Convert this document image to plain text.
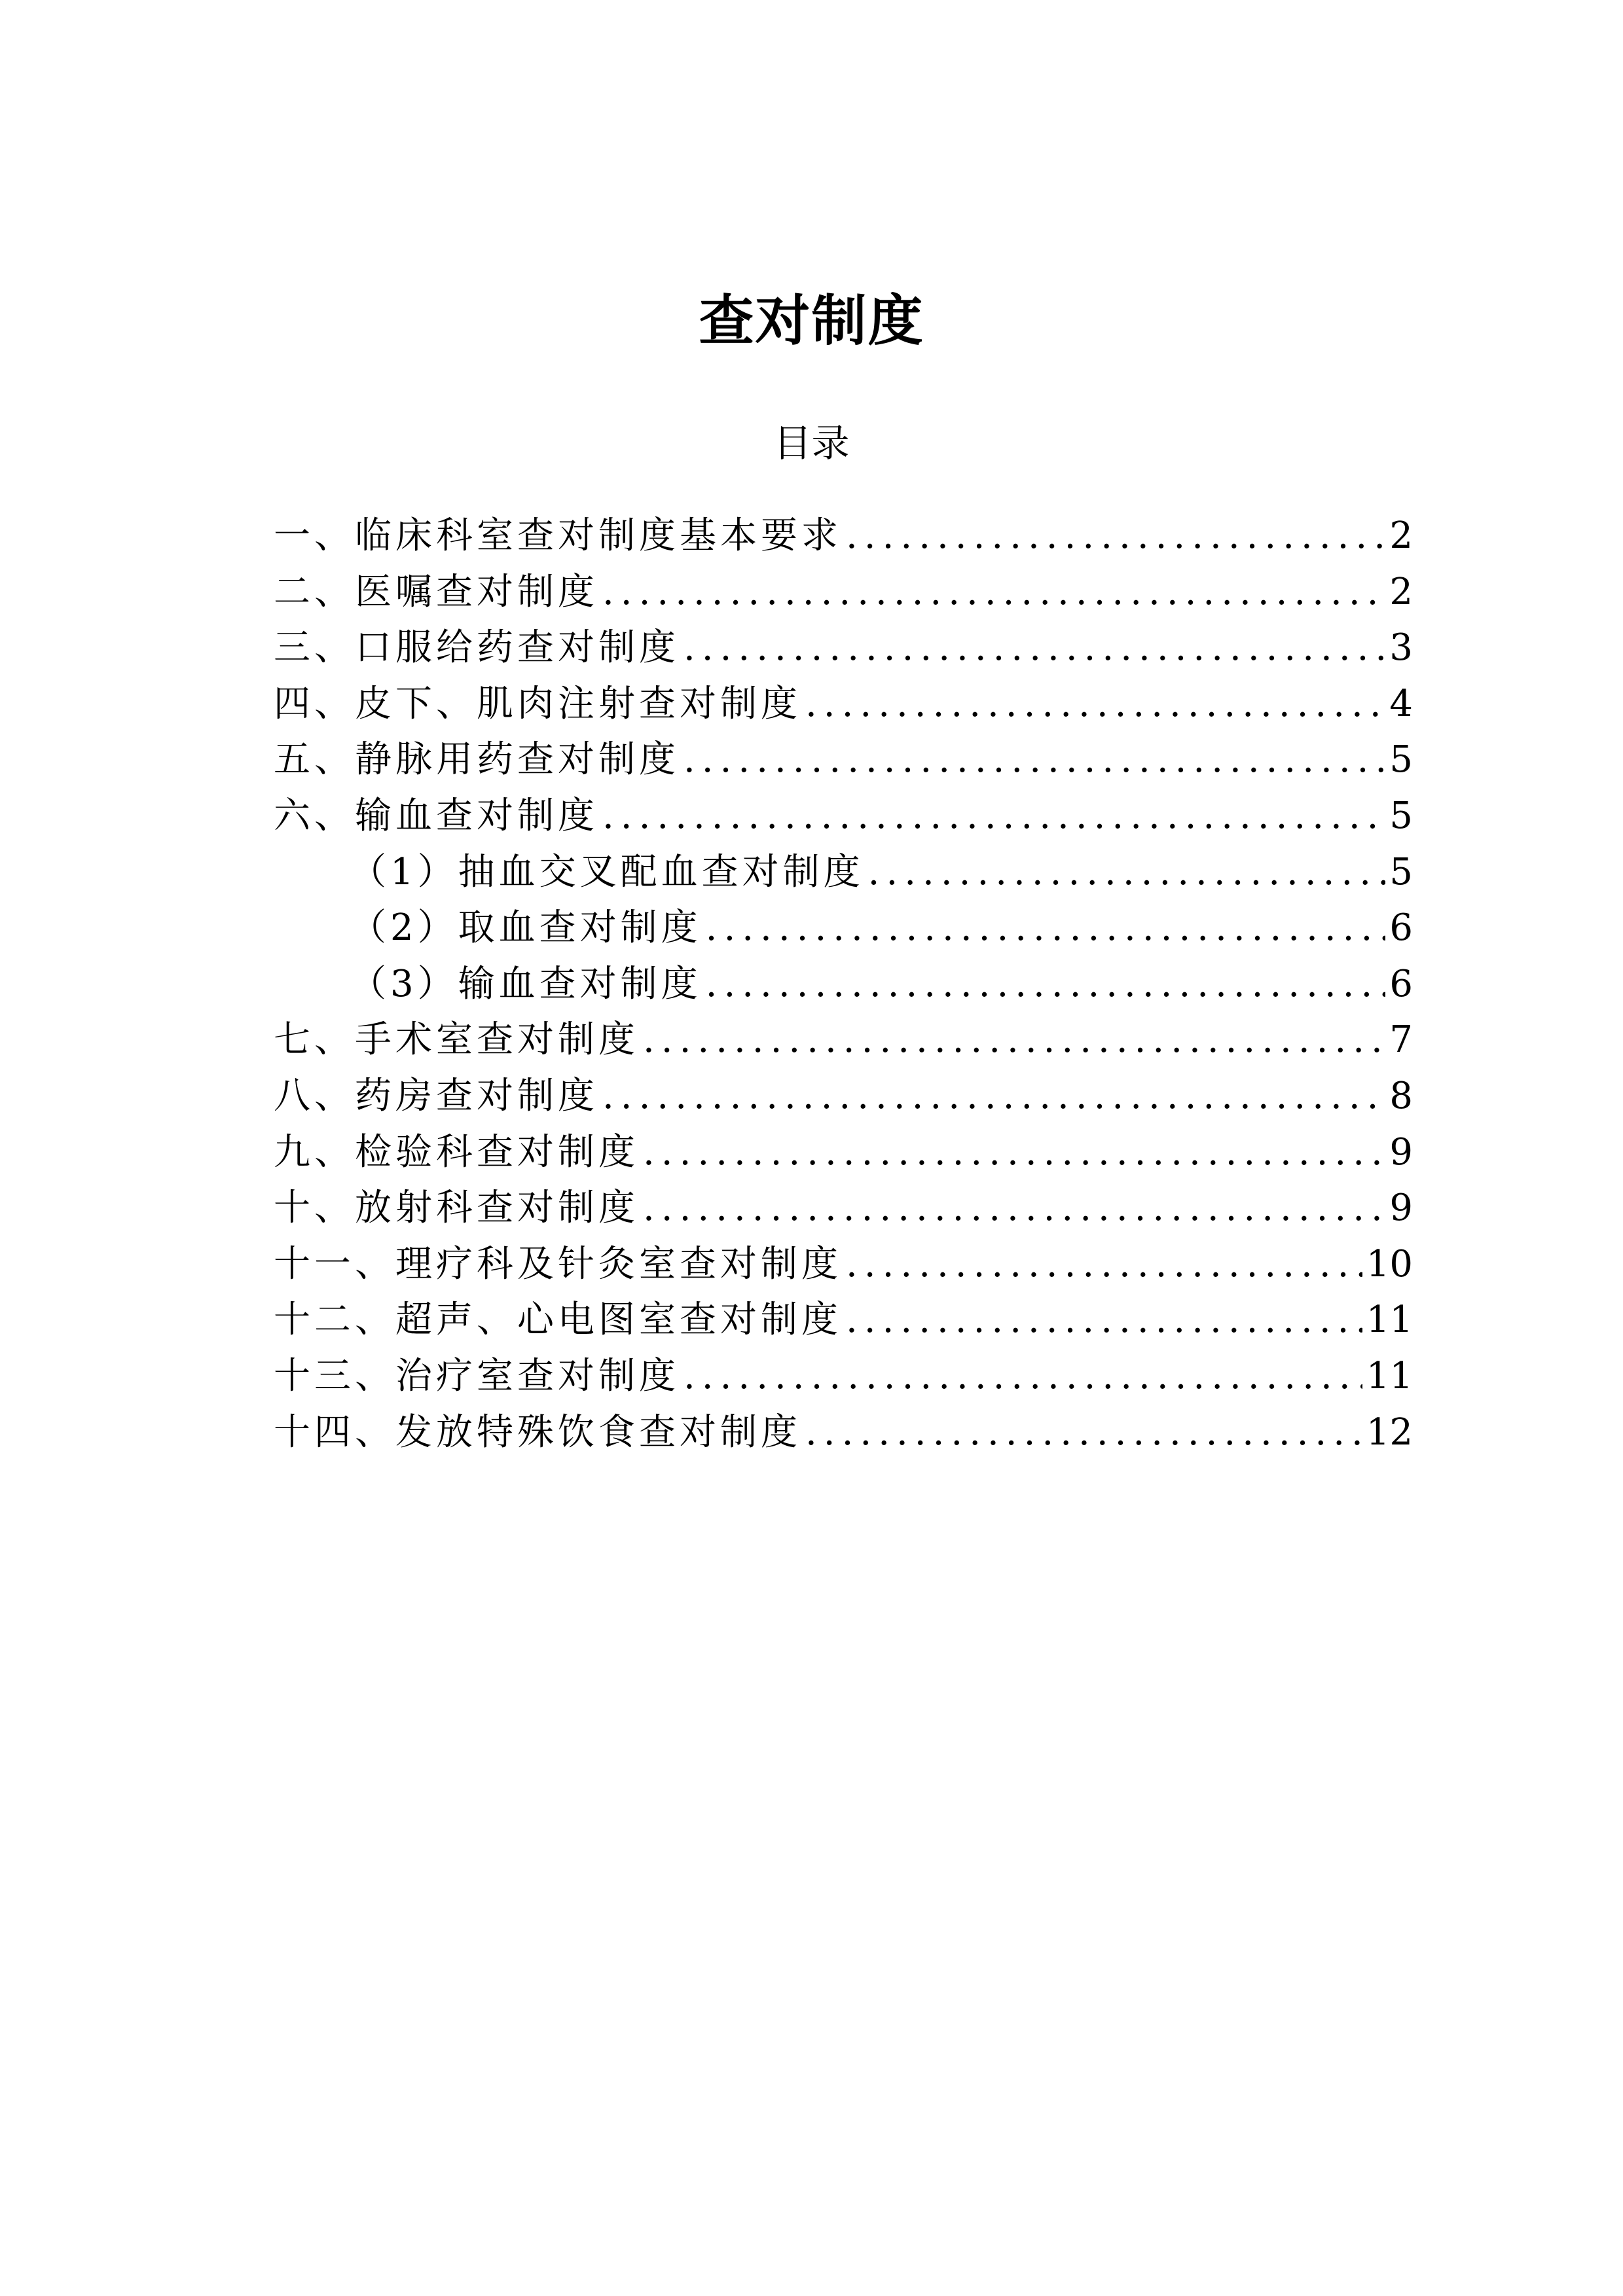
查对制度
目录
一、临床科室查对制度基本要求 .....	2
二、医嘱查对制度 .....	2
三、口服给药查对制度 .....	3
四、皮下、肌肉注射查对制度 .....	4
五、静脉用药查对制度 .....	5
六、输血查对制度 .....	5
（1）抽血交叉配血查对制度 .....	5
（2）取血查对制度 .....	6
（3）输血查对制度 .....	6
七、手术室查对制度 .....	7
八、药房查对制度 .....	8
九、检验科查对制度 .....	9
十、放射科查对制度 .....	9
十一、理疗科及针灸室查对制度 .....	10
十二、超声、心电图室查对制度 .....	11
十三、治疗室查对制度 .....	11
十四、发放特殊饮食查对制度 .....	12
